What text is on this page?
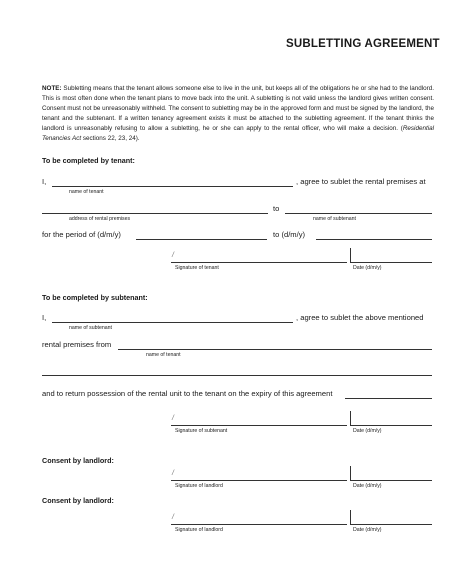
SUBLETTING AGREEMENT
NOTE: Subletting means that the tenant allows someone else to live in the unit, but keeps all of the obligations he or she had to the landlord. This is most often done when the tenant plans to move back into the unit. A subletting is not valid unless the landlord gives written consent. Consent must not be unreasonably withheld. The consent to subletting may be in the approved form and must be signed by the landlord, the tenant and the subtenant. If a written tenancy agreement exists it must be attached to the subletting agreement. If the tenant thinks the landlord is unreasonably refusing to allow a subletting, he or she can apply to the rental officer, who will make a decision. (Residential Tenancies Act sections 22, 23, 24).
To be completed by tenant:
I,	, agree to sublet the rental premises at
name of tenant
to
address of rental premises	name of subtenant
for the period of (d/m/y)	to (d/m/y)
/
Signature of tenant	Date (d/m/y)
To be completed by subtenant:
I,	, agree to sublet the above mentioned
name of subtenant
rental premises from
name of tenant
and to return possession of the rental unit to the tenant on the expiry of this agreement
/
Signature of subtenant	Date (d/m/y)
Consent by landlord:
/
Signature of landlord	Date (d/m/y)
Consent by landlord:
/
Signature of landlord	Date (d/m/y)
